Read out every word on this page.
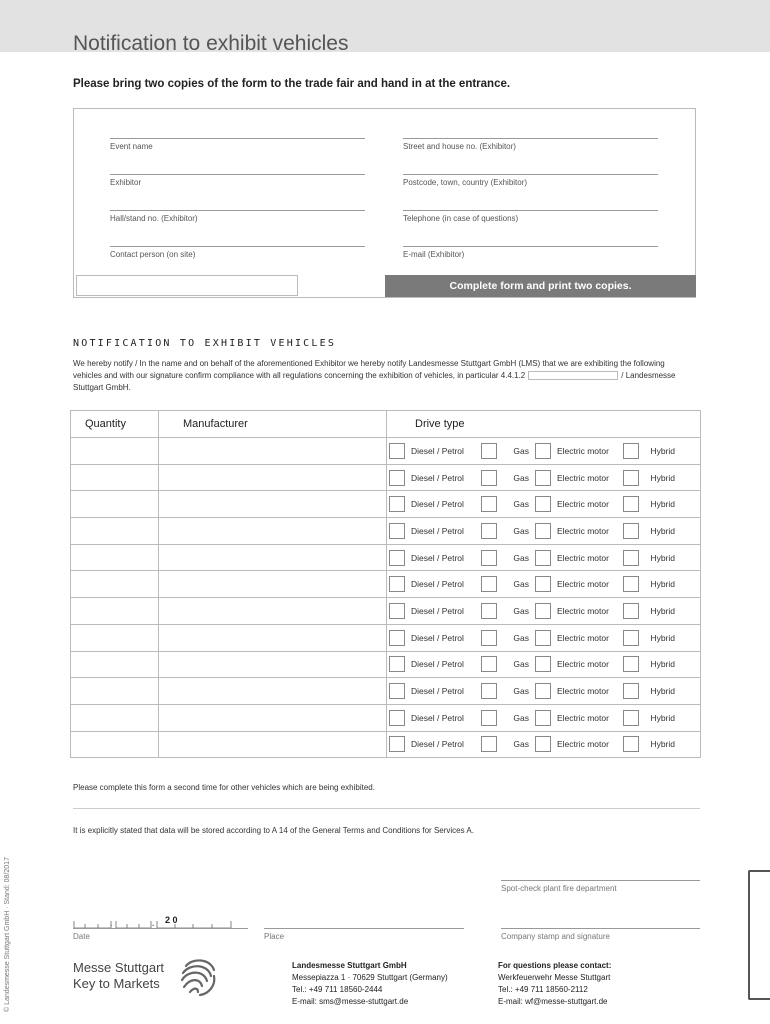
Notification to exhibit vehicles
Please bring two copies of the form to the trade fair and hand in at the entrance.
Event name	Street and house no. (Exhibitor)
Exhibitor	Postcode, town, country (Exhibitor)
Hall/stand no. (Exhibitor)	Telephone (in case of questions)
Contact person (on site)	E-mail (Exhibitor)
Complete form and print two copies.
NOTIFICATION TO EXHIBIT VEHICLES
We hereby notify / In the name and on behalf of the aforementioned Exhibitor we hereby notify Landesmesse Stuttgart GmbH (LMS) that we are exhibiting the following vehicles and with our signature confirm compliance with all regulations concerning the exhibition of vehicles, in particular 4.4.1.2	/ Landesmesse Stuttgart GmbH.
Quantity	Manufacturer	Drive type

		Diesel / Petrol Gas Electric motor Hybrid

		Diesel / Petrol Gas Electric motor Hybrid

		Diesel / Petrol Gas Electric motor Hybrid

		Diesel / Petrol Gas Electric motor Hybrid

		Diesel / Petrol Gas Electric motor Hybrid

		Diesel / Petrol Gas Electric motor Hybrid

		Diesel / Petrol Gas Electric motor Hybrid

		Diesel / Petrol Gas Electric motor Hybrid

		Diesel / Petrol Gas Electric motor Hybrid

		Diesel / Petrol Gas Electric motor Hybrid

		Diesel / Petrol Gas Electric motor Hybrid

		Diesel / Petrol Gas Electric motor Hybrid
Please complete this form a second time for other vehicles which are being exhibited.
It is explicitly stated that data will be stored according to A 14 of the General Terms and Conditions for Services A.
Spot-check plant fire department
.	. 2 0
Date	Place	Company stamp and signature
© Landesmesse Stuttgart GmbH · Stand: 08/2017	Messe Stuttgart
Key to Markets
Landesmesse Stuttgart GmbH
Messepiazza 1 · 70629 Stuttgart (Germany)
Tel.: +49 711 18560-2444
E-mail: sms@messe-stuttgart.de
For questions please contact:
Werkfeuerwehr Messe Stuttgart
Tel.: +49 711 18560-2112
E-mail: wf@messe-stuttgart.de
